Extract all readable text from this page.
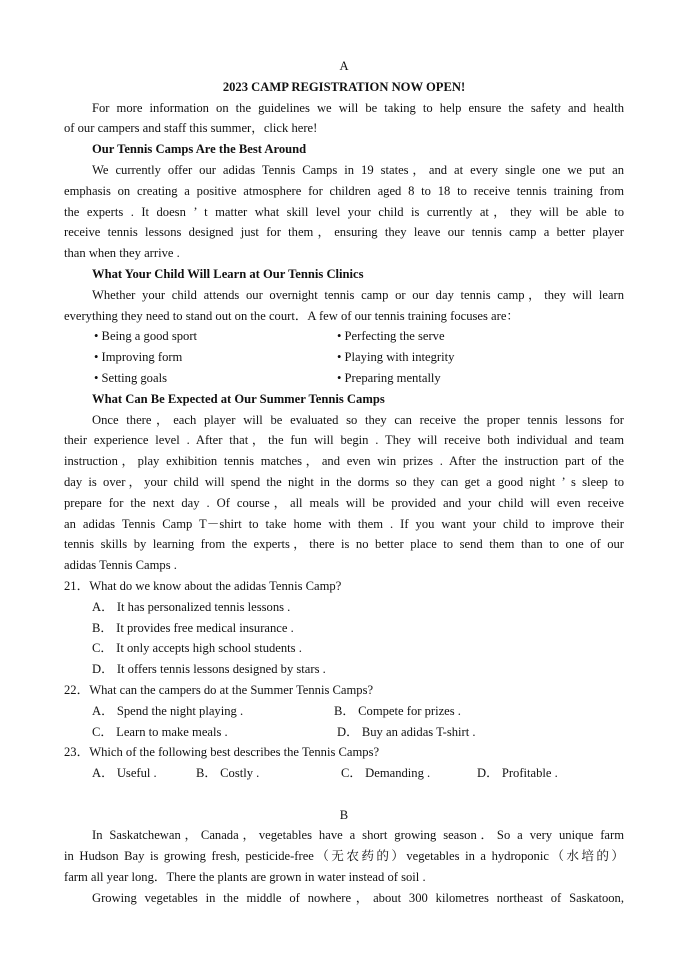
A

2023 CAMP REGISTRATION NOW OPEN!

For more information on the guidelines we will be taking to help ensure the safety and health

of our campers and staff this summer，click here!

Our Tennis Camps Are the Best Around

We currently offer our adidas Tennis Camps in 19 states，and at every single one we put an

emphasis on creating a positive atmosphere for children aged 8 to 18 to receive tennis training from

the experts . It doesn ’ t matter what skill level your child is currently at，they will be able to

receive tennis lessons designed just for them，ensuring they leave our tennis camp a better player

than when they arrive .

What Your Child Will Learn at Our Tennis Clinics

Whether your child attends our overnight tennis camp or our day tennis camp，they will learn

everything they need to stand out on the court．A few of our tennis training focuses are：

• Being a good sport	• Perfecting the serve
• Improving form	• Playing with integrity
• Setting goals	• Preparing mentally

What Can Be Expected at Our Summer Tennis Camps

Once there，each player will be evaluated so they can receive the proper tennis lessons for

their experience level . After that，the fun will begin . They will receive both individual and team

instruction，play exhibition tennis matches，and even win prizes . After the instruction part of the

day is over，your child will spend the night in the dorms so they can get a good night ’ s sleep to

prepare for the next day . Of course，all meals will be provided and your child will even receive

an adidas Tennis Camp T－shirt to take home with them . If you want your child to improve their

tennis skills by learning from the experts，there is no better place to send them than to one of our

adidas Tennis Camps .

21．What do we know about the adidas Tennis Camp?

A． It has personalized tennis lessons .

B． It provides free medical insurance .

C． It only accepts high school students .

D． It offers tennis lessons designed by stars .

22．What can the campers do at the Summer Tennis Camps?

A． Spend the night playing .	B． Compete for prizes .
C． Learn to make meals .	D． Buy an adidas T-shirt .

23．Which of the following best describes the Tennis Camps?

A． Useful .	B． Costly .	C． Demanding .	D． Profitable .

B

In Saskatchewan，Canada，vegetables have a short growing season．So a very unique farm

in Hudson Bay is growing fresh, pesticide-free（无农药的）vegetables in a hydroponic（水培的）

farm all year long．There the plants are grown in water instead of soil .

Growing vegetables in the middle of nowhere，about 300 kilometres northeast of Saskatoon,
